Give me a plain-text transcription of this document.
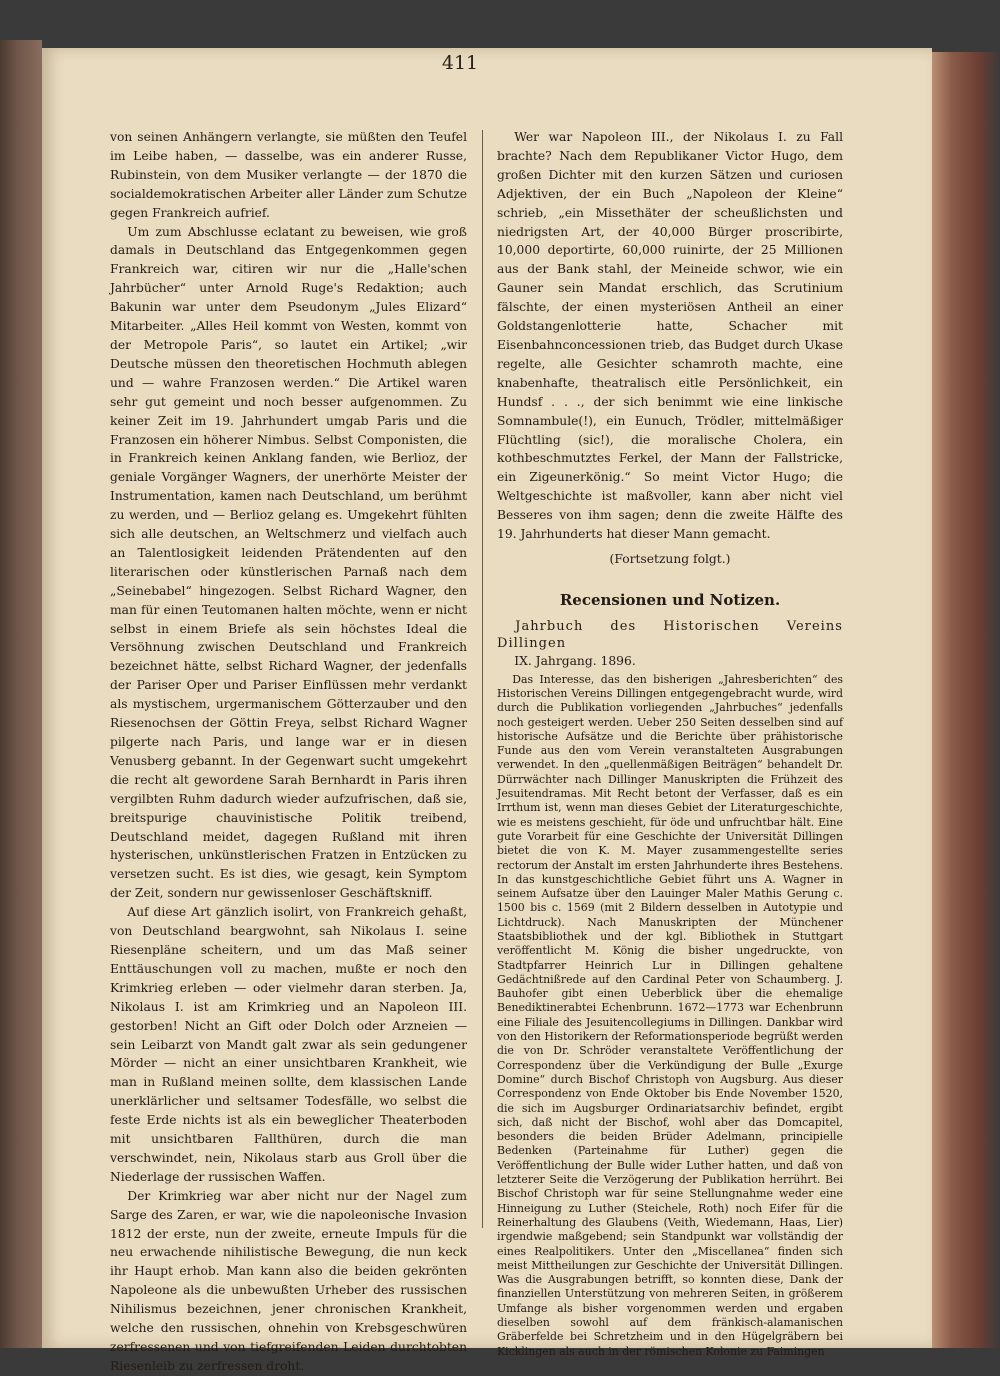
411

von seinen Anhängern verlangte, sie müßten den Teufel im Leibe haben, — dasselbe, was ein anderer Russe, Rubinstein, von dem Musiker verlangte — der 1870 die socialdemokratischen Arbeiter aller Länder zum Schutze gegen Frankreich aufrief.

Um zum Abschlusse eclatant zu beweisen, wie groß damals in Deutschland das Entgegenkommen gegen Frankreich war, citiren wir nur die „Halle'schen Jahrbücher“ unter Arnold Ruge's Redaktion; auch Bakunin war unter dem Pseudonym „Jules Elizard“ Mitarbeiter. „Alles Heil kommt von Westen, kommt von der Metropole Paris“, so lautet ein Artikel; „wir Deutsche müssen den theoretischen Hochmuth ablegen und — wahre Franzosen werden.“ Die Artikel waren sehr gut gemeint und noch besser aufgenommen. Zu keiner Zeit im 19. Jahrhundert umgab Paris und die Franzosen ein höherer Nimbus. Selbst Componisten, die in Frankreich keinen Anklang fanden, wie Berlioz, der geniale Vorgänger Wagners, der unerhörte Meister der Instrumentation, kamen nach Deutschland, um berühmt zu werden, und — Berlioz gelang es. Umgekehrt fühlten sich alle deutschen, an Weltschmerz und vielfach auch an Talentlosigkeit leidenden Prätendenten auf den literarischen oder künstlerischen Parnaß nach dem „Seinebabel“ hingezogen. Selbst Richard Wagner, den man für einen Teutomanen halten möchte, wenn er nicht selbst in einem Briefe als sein höchstes Ideal die Versöhnung zwischen Deutschland und Frankreich bezeichnet hätte, selbst Richard Wagner, der jedenfalls der Pariser Oper und Pariser Einflüssen mehr verdankt als mystischem, urgermanischem Götterzauber und den Riesenochsen der Göttin Freya, selbst Richard Wagner pilgerte nach Paris, und lange war er in diesen Venusberg gebannt. In der Gegenwart sucht umgekehrt die recht alt gewordene Sarah Bernhardt in Paris ihren vergilbten Ruhm dadurch wieder aufzufrischen, daß sie, breitspurige chauvinistische Politik treibend, Deutschland meidet, dagegen Rußland mit ihren hysterischen, unkünstlerischen Fratzen in Entzücken zu versetzen sucht. Es ist dies, wie gesagt, kein Symptom der Zeit, sondern nur gewissenloser Geschäftskniff.

Auf diese Art gänzlich isolirt, von Frankreich gehaßt, von Deutschland beargwohnt, sah Nikolaus I. seine Riesenpläne scheitern, und um das Maß seiner Enttäuschungen voll zu machen, mußte er noch den Krimkrieg erleben — oder vielmehr daran sterben. Ja, Nikolaus I. ist am Krimkrieg und an Napoleon III. gestorben! Nicht an Gift oder Dolch oder Arzneien — sein Leibarzt von Mandt galt zwar als sein gedungener Mörder — nicht an einer unsichtbaren Krankheit, wie man in Rußland meinen sollte, dem klassischen Lande unerklärlicher und seltsamer Todesfälle, wo selbst die feste Erde nichts ist als ein beweglicher Theaterboden mit unsichtbaren Fallthüren, durch die man verschwindet, nein, Nikolaus starb aus Groll über die Niederlage der russischen Waffen.

Der Krimkrieg war aber nicht nur der Nagel zum Sarge des Zaren, er war, wie die napoleonische Invasion 1812 der erste, nun der zweite, erneute Impuls für die neu erwachende nihilistische Bewegung, die nun keck ihr Haupt erhob. Man kann also die beiden gekrönten Napoleone als die unbewußten Urheber des russischen Nihilismus bezeichnen, jener chronischen Krankheit, welche den russischen, ohnehin von Krebsgeschwüren zerfressenen und von tiefgreifenden Leiden durchtobten Riesenleib zu zerfressen droht.

Wer war Napoleon III., der Nikolaus I. zu Fall brachte? Nach dem Republikaner Victor Hugo, dem großen Dichter mit den kurzen Sätzen und curiosen Adjektiven, der ein Buch „Napoleon der Kleine“ schrieb, „ein Missethäter der scheußlichsten und niedrigsten Art, der 40,000 Bürger proscribirte, 10,000 deportirte, 60,000 ruinirte, der 25 Millionen aus der Bank stahl, der Meineide schwor, wie ein Gauner sein Mandat erschlich, das Scrutinium fälschte, der einen mysteriösen Antheil an einer Goldstangenlotterie hatte, Schacher mit Eisenbahnconcessionen trieb, das Budget durch Ukase regelte, alle Gesichter schamroth machte, eine knabenhafte, theatralisch eitle Persönlichkeit, ein Hundsf . . ., der sich benimmt wie eine linkische Somnambule(!), ein Eunuch, Trödler, mittelmäßiger Flüchtling (sic!), die moralische Cholera, ein kothbeschmutztes Ferkel, der Mann der Fallstricke, ein Zigeunerkönig.“ So meint Victor Hugo; die Weltgeschichte ist maßvoller, kann aber nicht viel Besseres von ihm sagen; denn die zweite Hälfte des 19. Jahrhunderts hat dieser Mann gemacht.

(Fortsetzung folgt.)

Recensionen und Notizen.

Jahrbuch des Historischen Vereins Dillingen

IX. Jahrgang. 1896.

Das Interesse, das den bisherigen „Jahresberichten“ des Historischen Vereins Dillingen entgegengebracht wurde, wird durch die Publikation vorliegenden „Jahrbuches“ jedenfalls noch gesteigert werden. Ueber 250 Seiten desselben sind auf historische Aufsätze und die Berichte über prähistorische Funde aus den vom Verein veranstalteten Ausgrabungen verwendet. In den „quellenmäßigen Beiträgen“ behandelt Dr. Dürrwächter nach Dillinger Manuskripten die Frühzeit des Jesuitendramas. Mit Recht betont der Verfasser, daß es ein Irrthum ist, wenn man dieses Gebiet der Literaturgeschichte, wie es meistens geschieht, für öde und unfruchtbar hält. Eine gute Vorarbeit für eine Geschichte der Universität Dillingen bietet die von K. M. Mayer zusammengestellte series rectorum der Anstalt im ersten Jahrhunderte ihres Bestehens. In das kunstgeschichtliche Gebiet führt uns A. Wagner in seinem Aufsatze über den Lauinger Maler Mathis Gerung c. 1500 bis c. 1569 (mit 2 Bildern desselben in Autotypie und Lichtdruck). Nach Manuskripten der Münchener Staatsbibliothek und der kgl. Bibliothek in Stuttgart veröffentlicht M. König die bisher ungedruckte, von Stadtpfarrer Heinrich Lur in Dillingen gehaltene Gedächtnißrede auf den Cardinal Peter von Schaumberg. J. Bauhofer gibt einen Ueberblick über die ehemalige Benediktinerabtei Echenbrunn. 1672—1773 war Echenbrunn eine Filiale des Jesuitencollegiums in Dillingen. Dankbar wird von den Historikern der Reformationsperiode begrüßt werden die von Dr. Schröder veranstaltete Veröffentlichung der Correspondenz über die Verkündigung der Bulle „Exurge Domine“ durch Bischof Christoph von Augsburg. Aus dieser Correspondenz von Ende Oktober bis Ende November 1520, die sich im Augsburger Ordinariatsarchiv befindet, ergibt sich, daß nicht der Bischof, wohl aber das Domcapitel, besonders die beiden Brüder Adelmann, principielle Bedenken (Parteinahme für Luther) gegen die Veröffentlichung der Bulle wider Luther hatten, und daß von letzterer Seite die Verzögerung der Publikation herrührt. Bei Bischof Christoph war für seine Stellungnahme weder eine Hinneigung zu Luther (Steichele, Roth) noch Eifer für die Reinerhaltung des Glaubens (Veith, Wiedemann, Haas, Lier) irgendwie maßgebend; sein Standpunkt war vollständig der eines Realpolitikers. Unter den „Miscellanea“ finden sich meist Mittheilungen zur Geschichte der Universität Dillingen. Was die Ausgrabungen betrifft, so konnten diese, Dank der finanziellen Unterstützung von mehreren Seiten, in größerem Umfange als bisher vorgenommen werden und ergaben dieselben sowohl auf dem fränkisch-alamanischen Gräberfelde bei Schretzheim und in den Hügelgräbern bei Kicklingen als auch in der römischen Kolonie zu Faimingen
